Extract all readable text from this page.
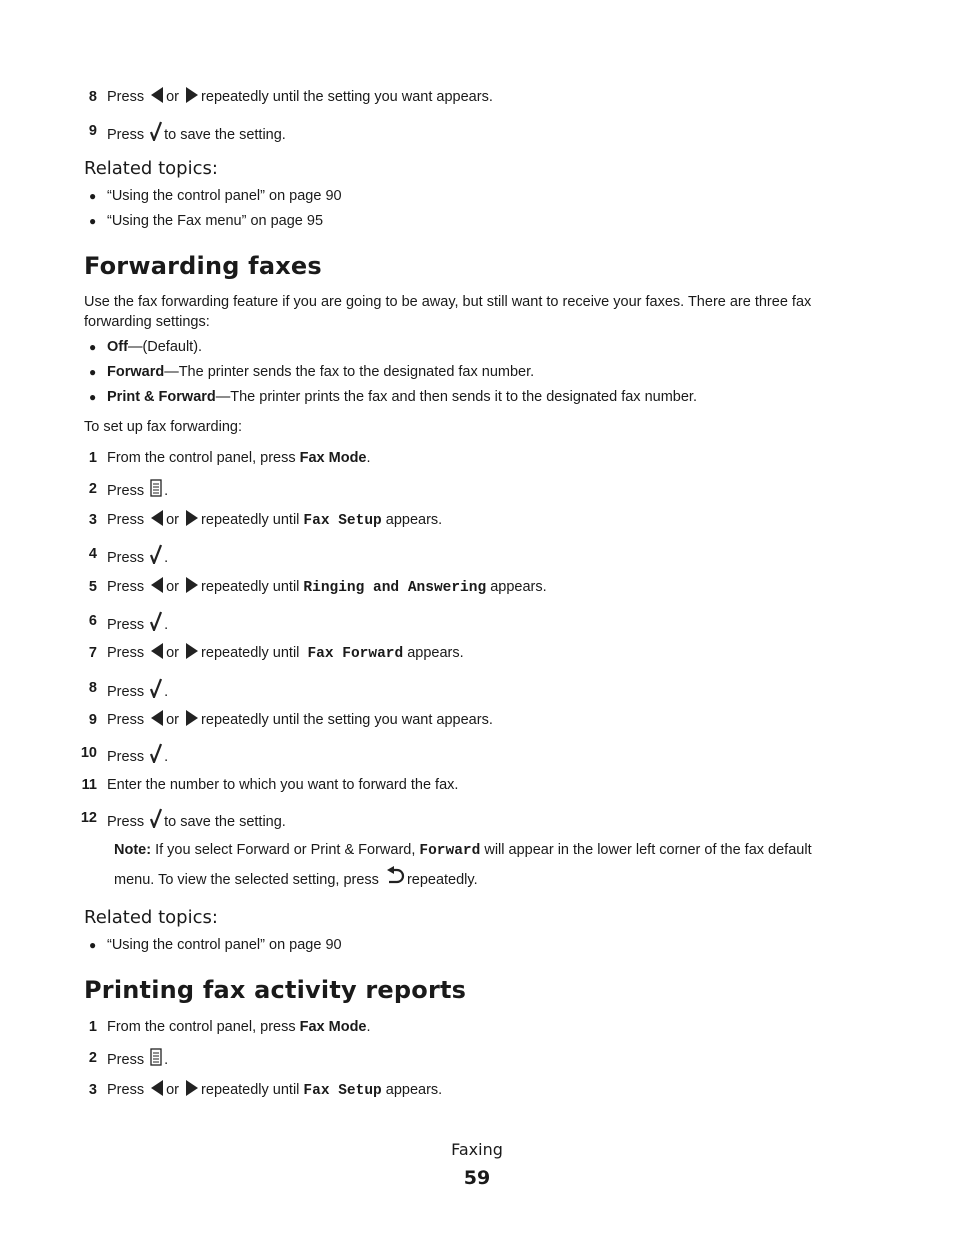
8 Press or repeatedly until the setting you want appears.
9 Press to save the setting.
Related topics:
● “Using the control panel” on page 90
● “Using the Fax menu” on page 95
Forwarding faxes
Use the fax forwarding feature if you are going to be away, but still want to receive your faxes. There are three fax forwarding settings:
● Off—(Default).
● Forward—The printer sends the fax to the designated fax number.
● Print & Forward—The printer prints the fax and then sends it to the designated fax number.
To set up fax forwarding:
1 From the control panel, press Fax Mode.
2 Press .
3 Press or repeatedly until Fax Setup appears.
4 Press .
5 Press or repeatedly until Ringing and Answering appears.
6 Press .
7 Press or repeatedly until Fax Forward appears.
8 Press .
9 Press or repeatedly until the setting you want appears.
10 Press .
11 Enter the number to which you want to forward the fax.
12 Press to save the setting.
Note: If you select Forward or Print & Forward, Forward will appear in the lower left corner of the fax default
menu. To view the selected setting, press repeatedly.
Related topics:
● “Using the control panel” on page 90
Printing fax activity reports
1 From the control panel, press Fax Mode.
2 Press .
3 Press or repeatedly until Fax Setup appears.
Faxing
59
